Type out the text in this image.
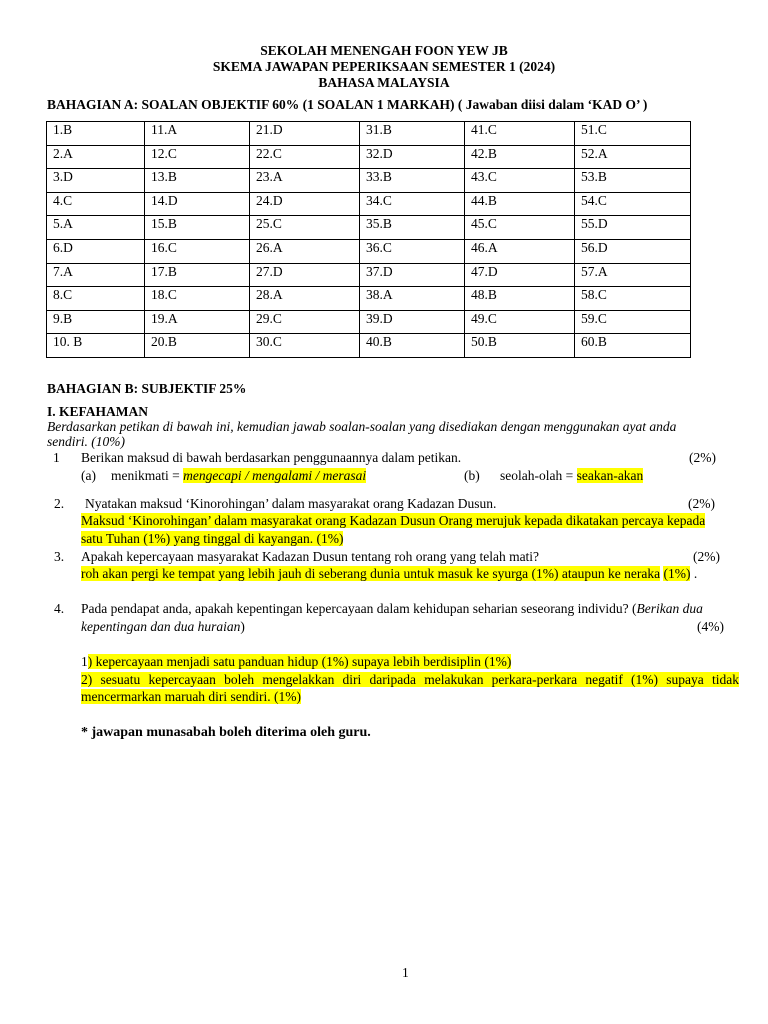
SEKOLAH MENENGAH FOON YEW JB
SKEMA JAWAPAN PEPERIKSAAN SEMESTER 1 (2024)
BAHASA MALAYSIA
BAHAGIAN A: SOALAN OBJEKTIF 60% (1 SOALAN 1 MARKAH) ( Jawaban diisi dalam ‘KAD O’ )
1.B	11.A	21.D	31.B	41.C	51.C
2.A	12.C	22.C	32.D	42.B	52.A
3.D	13.B	23.A	33.B	43.C	53.B
4.C	14.D	24.D	34.C	44.B	54.C
5.A	15.B	25.C	35.B	45.C	55.D
6.D	16.C	26.A	36.C	46.A	56.D
7.A	17.B	27.D	37.D	47.D	57.A
8.C	18.C	28.A	38.A	48.B	58.C
9.B	19.A	29.C	39.D	49.C	59.C
10. B	20.B	30.C	40.B	50.B	60.B
BAHAGIAN B: SUBJEKTIF 25%
I. KEFAHAMAN
Berdasarkan petikan di bawah ini, kemudian jawab soalan-soalan yang disediakan dengan menggunakan ayat anda
sendiri. (10%)
1 Berikan maksud di bawah berdasarkan penggunaannya dalam petikan.	(2%)
(a) menikmati = mengecapi / mengalami / merasai	(b) seolah-olah = seakan-akan
2. Nyatakan maksud ‘Kinorohingan’ dalam masyarakat orang Kadazan Dusun.	(2%)
Maksud ‘Kinorohingan’ dalam masyarakat orang Kadazan Dusun Orang merujuk kepada dikatakan percaya kepada
satu Tuhan (1%) yang tinggal di kayangan. (1%)
3. Apakah kepercayaan masyarakat Kadazan Dusun tentang roh orang yang telah mati?	(2%)
roh akan pergi ke tempat yang lebih jauh di seberang dunia untuk masuk ke syurga (1%) ataupun ke neraka (1%) .
4. Pada pendapat anda, apakah kepentingan kepercayaan dalam kehidupan seharian seseorang individu? (Berikan dua
kepentingan dan dua huraian)	(4%)
1) kepercayaan menjadi satu panduan hidup (1%) supaya lebih berdisiplin (1%)
2) sesuatu kepercayaan boleh mengelakkan diri daripada melakukan perkara-perkara negatif (1%) supaya tidak
mencermarkan maruah diri sendiri. (1%)
* jawapan munasabah boleh diterima oleh guru.
1
